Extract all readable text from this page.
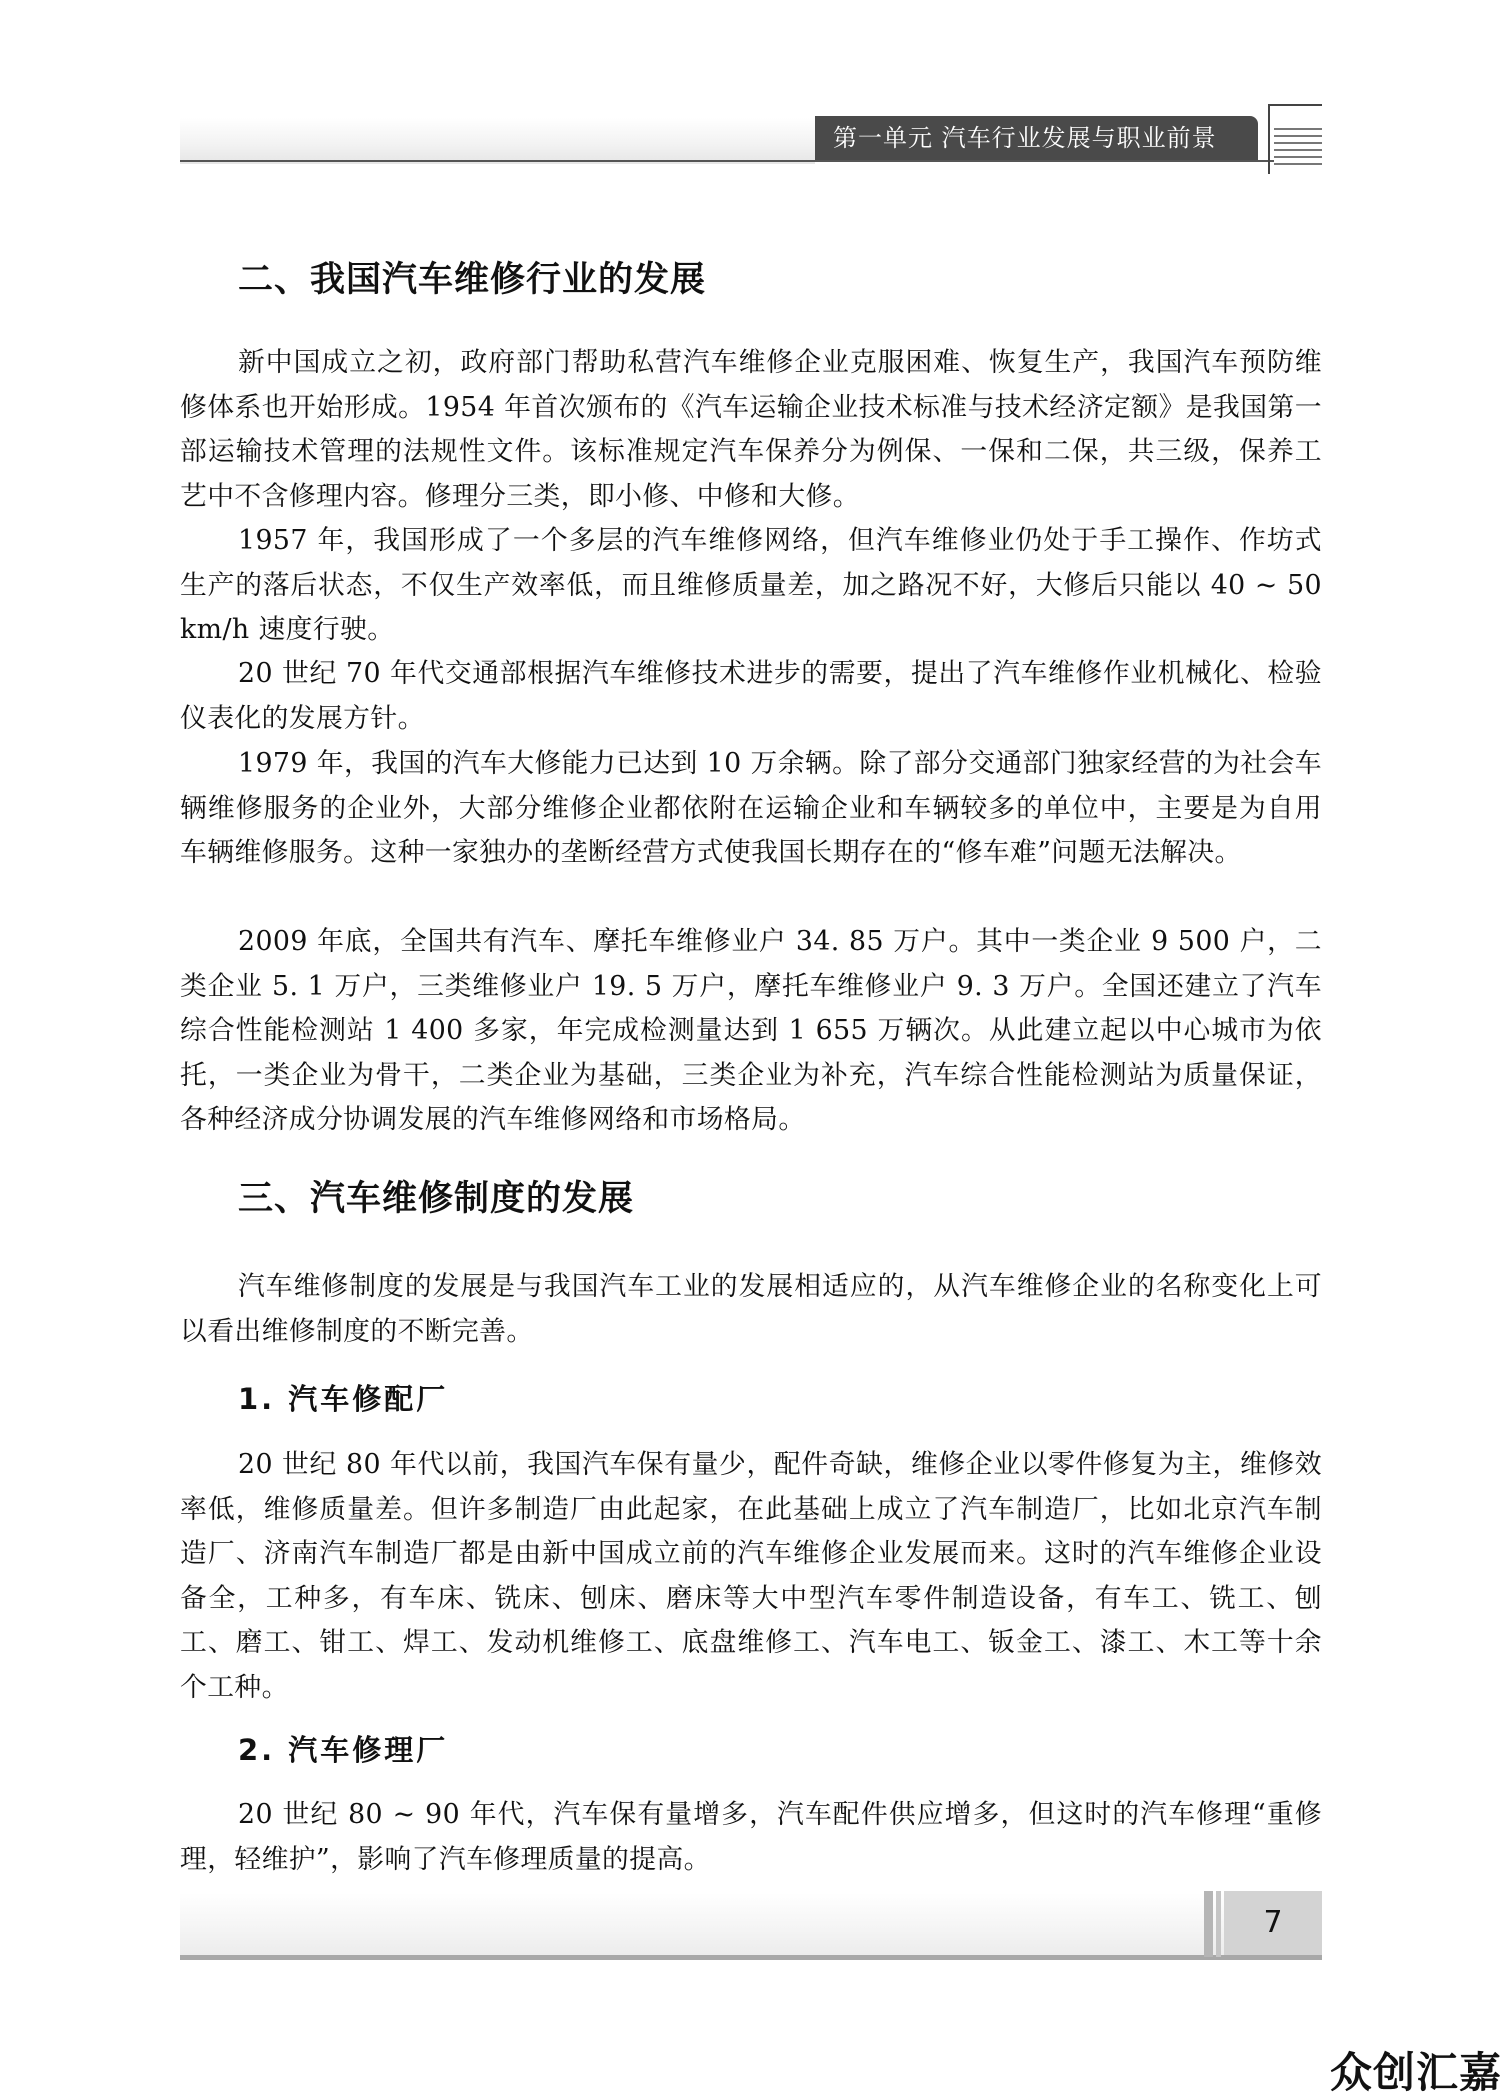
第一单元 汽车行业发展与职业前景
二、我国汽车维修行业的发展

新中国成立之初，政府部门帮助私营汽车维修企业克服困难、恢复生产，我国汽车预防维修体系也开始形成。1954 年首次颁布的《汽车运输企业技术标准与技术经济定额》是我国第一部运输技术管理的法规性文件。该标准规定汽车保养分为例保、一保和二保，共三级，保养工艺中不含修理内容。修理分三类，即小修、中修和大修。

1957 年，我国形成了一个多层的汽车维修网络，但汽车维修业仍处于手工操作、作坊式生产的落后状态，不仅生产效率低，而且维修质量差，加之路况不好，大修后只能以 40 ~ 50 km/h 速度行驶。

20 世纪 70 年代交通部根据汽车维修技术进步的需要，提出了汽车维修作业机械化、检验仪表化的发展方针。

1979 年，我国的汽车大修能力已达到 10 万余辆。除了部分交通部门独家经营的为社会车辆维修服务的企业外，大部分维修企业都依附在运输企业和车辆较多的单位中，主要是为自用车辆维修服务。这种一家独办的垄断经营方式使我国长期存在的“修车难”问题无法解决。

2009 年底，全国共有汽车、摩托车维修业户 34. 85 万户。其中一类企业 9 500 户，二类企业 5. 1 万户，三类维修业户 19. 5 万户，摩托车维修业户 9. 3 万户。全国还建立了汽车综合性能检测站 1 400 多家，年完成检测量达到 1 655 万辆次。从此建立起以中心城市为依托，一类企业为骨干，二类企业为基础，三类企业为补充，汽车综合性能检测站为质量保证，各种经济成分协调发展的汽车维修网络和市场格局。

三、汽车维修制度的发展

汽车维修制度的发展是与我国汽车工业的发展相适应的，从汽车维修企业的名称变化上可以看出维修制度的不断完善。

1. 汽车修配厂

20 世纪 80 年代以前，我国汽车保有量少，配件奇缺，维修企业以零件修复为主，维修效率低，维修质量差。但许多制造厂由此起家，在此基础上成立了汽车制造厂，比如北京汽车制造厂、济南汽车制造厂都是由新中国成立前的汽车维修企业发展而来。这时的汽车维修企业设备全，工种多，有车床、铣床、刨床、磨床等大中型汽车零件制造设备，有车工、铣工、刨工、磨工、钳工、焊工、发动机维修工、底盘维修工、汽车电工、钣金工、漆工、木工等十余个工种。

2. 汽车修理厂

20 世纪 80 ~ 90 年代，汽车保有量增多，汽车配件供应增多，但这时的汽车修理“重修理，轻维护”，影响了汽车修理质量的提高。

7
众创汇嘉
